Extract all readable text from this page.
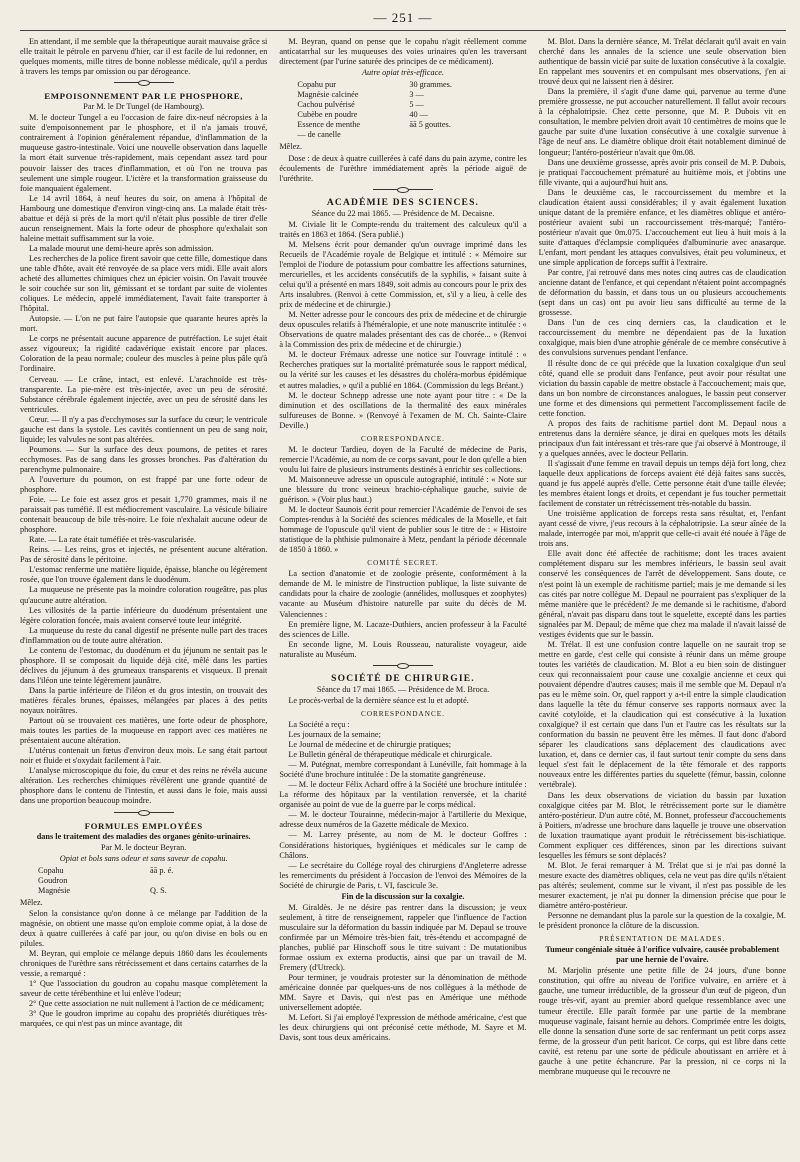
— 251 —

En attendant, il me semble que la thérapeutique aurait mauvaise grâce si elle traitait le pétrole en parvenu d'hier, car il est facile de lui redonner, en quelques moments, mille titres de bonne noblesse médicale, qu'il a perdus à travers les temps par omission ou par dérogeance.

EMPOISONNEMENT PAR LE PHOSPHORE,
Par M. le Dr Tungel (de Hambourg).

M. le docteur Tungel a eu l'occasion de faire dix-neuf nécropsies à la suite d'empoisonnement par le phosphore, et il n'a jamais trouvé, contrairement à l'opinion généralement répandue, d'inflammation de la muqueuse gastro-intestinale. Voici une nouvelle observation dans laquelle la mort était survenue très-rapidement, mais cependant assez tard pour pouvoir laisser des traces d'inflammation, et où l'on ne trouva pas seulement une simple rougeur. L'ictère et la transformation graisseuse du foie manquaient également.

Le 14 avril 1864, à neuf heures du soir, on amena à l'hôpital de Hambourg une domestique d'environ vingt-cinq ans. La malade était très-abattue et déjà si près de la mort qu'il n'était plus possible de tirer d'elle aucun renseignement. Mais la forte odeur de phosphore qu'exhalait son haleine mettait suffisamment sur la voie.

La malade mourut une demi-heure après son admission.

Les recherches de la police firent savoir que cette fille, domestique dans une table d'hôte, avait été renvoyée de sa place vers midi. Elle avait alors acheté des allumettes chimiques chez un épicier voisin. On l'avait trouvée le soir couchée sur son lit, gémissant et se tordant par suite de violentes coliques. Le médecin, appelé immédiatement, l'avait faite transporter à l'hôpital.

Autopsie. — L'on ne put faire l'autopsie que quarante heures après la mort.

Le corps ne présentait aucune apparence de putréfaction. Le sujet était assez vigoureux; la rigidité cadavérique existait encore par places. Coloration de la peau normale; couleur des muscles à peine plus pâle qu'à l'ordinaire.

Cerveau. — Le crâne, intact, est enlevé. L'arachnoïde est très-transparente. La pie-mère est très-injectée, avec un peu de sérosité. Substance cérébrale également injectée, avec un peu de sérosité dans les ventricules.

Cœur. — Il n'y a pas d'ecchymoses sur la surface du cœur; le ventricule gauche est dans la systole. Les cavités contiennent un peu de sang noir, liquide; les valvules ne sont pas altérées.

Poumons. — Sur la surface des deux poumons, de petites et rares ecchymoses. Pas de sang dans les grosses bronches. Pas d'altération du parenchyme pulmonaire.

A l'ouverture du poumon, on est frappé par une forte odeur de phosphore.

Foie. — Le foie est assez gros et pesait 1,770 grammes, mais il ne paraissait pas tuméfié. Il est médiocrement vasculaire. La vésicule biliaire contenait beaucoup de bile très-noire. Le foie n'exhalait aucune odeur de phosphore.

Rate. — La rate était tuméfiée et très-vascularisée.

Reins. — Les reins, gros et injectés, ne présentent aucune altération. Pas de sérosité dans le péritoine.

L'estomac renferme une matière liquide, épaisse, blanche ou légèrement rosée, que l'on trouve également dans le duodénum.

La muqueuse ne présente pas la moindre coloration rougeâtre, pas plus qu'aucune autre altération.

Les villosités de la partie inférieure du duodénum présentaient une légère coloration foncée, mais avaient conservé toute leur intégrité.

La muqueuse du reste du canal digestif ne présente nulle part des traces d'inflammation ou de toute autre altération.

Le contenu de l'estomac, du duodénum et du jéjunum ne sentait pas le phosphore. Il se composait du liquide déjà cité, mêlé dans les parties déclives du jéjunum à des grumeaux transparents et visqueux. Il prenait dans l'iléon une teinte légèrement jaunâtre.

Dans la partie inférieure de l'iléon et du gros intestin, on trouvait des matières fécales brunes, épaisses, mélangées par places à des petits noyaux noirâtres.

Partout où se trouvaient ces matières, une forte odeur de phosphore, mais toutes les parties de la muqueuse en rapport avec ces matières ne présentaient aucune altération.

L'utérus contenait un fœtus d'environ deux mois. Le sang était partout noir et fluide et s'oxydait facilement à l'air.

L'analyse microscopique du foie, du cœur et des reins ne révéla aucune altération. Les recherches chimiques révélèrent une grande quantité de phosphore dans le contenu de l'intestin, et aussi dans le foie, mais aussi dans une proportion beaucoup moindre.

FORMULES EMPLOYÉES
dans le traitement des maladies des organes génito-urinaires.
Par M. le docteur Beyran.
Opiat et bols sans odeur et sans saveur de copahu.
Copahu	āā p. é.
Goudron
Magnésie	Q. S.
Mêlez.

Selon la consistance qu'on donne à ce mélange par l'addition de la magnésie, on obtient une masse qu'on emploie comme opiat, à la dose de deux à quatre cuillerées à café par jour, ou qu'on divise en bols ou en pilules.

M. Beyran, qui emploie ce mélange depuis 1860 dans les écoulements chroniques de l'urèthre sans rétrécissement et dans certains catarrhes de la vessie, a remarqué :

1° Que l'association du goudron au copahu masque complètement la saveur de cette térébenthine et lui enlève l'odeur;

2° Que cette association ne nuit nullement à l'action de ce médicament;

3° Que le goudron imprime au copahu des propriétés diurétiques très-marquées, ce qui n'est pas un mince avantage, dit

M. Beyran, quand on pense que le copahu n'agit réellement comme anticatarrhal sur les muqueuses des voies urinaires qu'en les traversant directement (par l'urine saturée des principes de ce médicament).

Autre opiat très-efficace.
Copahu pur	30 grammes.
Magnésie calcinée	3 —
Cachou pulvérisé	5 —
Cubèbe en poudre	40 —
Essence de menthe	āā 5 gouttes.
— de canelle
Mêlez.

Dose : de deux à quatre cuillerées à café dans du pain azyme, contre les écoulements de l'urèthre immédiatement après la période aiguë de l'uréthrite.

ACADÉMIE DES SCIENCES.
Séance du 22 mai 1865. — Présidence de M. Decaisne.

M. Civiale lit le Compte-rendu du traitement des calculeux qu'il a traités en 1863 et 1864. (Sera publié.)

M. Melsens écrit pour demander qu'un ouvrage imprimé dans les Recueils de l'Académie royale de Belgique et intitulé : « Mémoire sur l'emploi de l'iodure de potassium pour combattre les affections saturnines, mercurielles, et les accidents consécutifs de la syphilis, » faisant suite à celui qu'il a présenté en mars 1849, soit admis au concours pour le prix des Arts insalubres. (Renvoi à cette Commission, et, s'il y a lieu, à celle des prix de médecine et de chirurgie.)

M. Netter adresse pour le concours des prix de médecine et de chirurgie deux opuscules relatifs à l'héméralopie, et une note manuscrite intitulée : « Observations de quatre malades présentant des cas de chorée... » (Renvoi à la Commission des prix de médecine et de chirurgie.)

M. le docteur Frémaux adresse une notice sur l'ouvrage intitulé : « Recherches pratiques sur la mortalité prématurée sous le rapport médical, ou la vérité sur les causes et les désastres du choléra-morbus épidémique et autres maladies, » qu'il a publié en 1864. (Commission du legs Bréant.)

M. le docteur Schnepp adresse une note ayant pour titre : « De la diminution et des oscillations de la thermalité des eaux minérales sulfureuses de Bonne. » (Renvoyé à l'examen de M. Ch. Sainte-Claire Deville.)

CORRESPONDANCE.

M. le docteur Tardieu, doyen de la Faculté de médecine de Paris, remercie l'Académie, au nom de ce corps savant, pour le don qu'elle a bien voulu lui faire de plusieurs instruments destinés à enrichir ses collections.

M. Maisonneuve adresse un opuscule autographié, intitulé : « Note sur une blessure du tronc veineux brachio-céphalique gauche, suivie de guérison. » (Voir plus haut.)

M. le docteur Saunois écrit pour remercier l'Académie de l'envoi de ses Comptes-rendus à la Société des sciences médicales de la Moselle, et fait hommage de l'opuscule qu'il vient de publier sous le titre de : « Histoire statistique de la phthisie pulmonaire à Metz, pendant la période décennale de 1850 à 1860. »

COMITÉ SECRET.

La section d'anatomie et de zoologie présente, conformément à la demande de M. le ministre de l'instruction publique, la liste suivante de candidats pour la chaire de zoologie (annélides, mollusques et zoophytes) vacante au Muséum d'histoire naturelle par suite du décès de M. Valenciennes :

En première ligne, M. Lacaze-Duthiers, ancien professeur à la Faculté des sciences de Lille.

En seconde ligne, M. Louis Rousseau, naturaliste voyageur, aide naturaliste au Muséum.

SOCIÉTÉ DE CHIRURGIE.
Séance du 17 mai 1865. — Présidence de M. Broca.

Le procès-verbal de la dernière séance est lu et adopté.

CORRESPONDANCE.

La Société a reçu :

Les journaux de la semaine;

Le Journal de médecine et de chirurgie pratiques;

Le Bulletin général de thérapeutique médicale et chirurgicale.

— M. Putégnat, membre correspondant à Lunéville, fait hommage à la Société d'une brochure intitulée : De la stomatite gangréneuse.

— M. le docteur Félix Achard offre à la Société une brochure intitulée : La réforme des hôpitaux par la ventilation renversée, et la charité organisée au point de vue de la guerre par le corps médical.

— M. le docteur Tourainne, médecin-major à l'artillerie du Mexique, adresse deux numéros de la Gazette médicale de Mexico.

— M. Larrey présente, au nom de M. le docteur Goffres : Considérations historiques, hygiéniques et médicales sur le camp de Châlons.

— Le secrétaire du Collége royal des chirurgiens d'Angleterre adresse les remerciments du président à l'occasion de l'envoi des Mémoires de la Société de chirurgie de Paris, t. VI, fascicule 3e.

Fin de la discussion sur la coxalgie.

M. Giraldès. Je ne désire pas rentrer dans la discussion; je veux seulement, à titre de renseignement, rappeler que l'influence de l'action musculaire sur la déformation du bassin indiquée par M. Depaul se trouve confirmée par un Mémoire très-bien fait, très-étendu et accompagné de planches, publié par Hinschoff sous le titre suivant : De mutationibus formae ossium ex externa productis, ainsi que par un travail de M. Fremery (d'Utreck).

Pour terminer, je voudrais protester sur la dénomination de méthode américaine donnée par quelques-uns de nos collègues à la méthode de MM. Sayre et Davis, qui n'est pas en Amérique une méthode universellement adoptée.

M. Lefort. Si j'ai employé l'expression de méthode américaine, c'est que les deux chirurgiens qui ont préconisé cette méthode, M. Sayre et M. Davis, sont tous deux américains.

M. Blot. Dans la dernière séance, M. Trélat déclarait qu'il avait en vain cherché dans les annales de la science une seule observation bien authentique de bassin vicié par suite de luxation consécutive à la coxalgie. En rappelant mes souvenirs et en compulsant mes observations, j'en ai trouvé deux qui ne laissent rien à désirer.

Dans la première, il s'agit d'une dame qui, parvenue au terme d'une première grossesse, ne put accoucher naturellement. Il fallut avoir recours à la céphalotripsie. Chez cette personne, que M. P. Dubois vit en consultation, le membre pelvien droit avait 10 centimètres de moins que le gauche par suite d'une luxation consécutive à une coxalgie survenue à l'âge de neuf ans. Le diamètre oblique droit était notablement diminué de longueur; l'antéro-postérieur n'avait que 0m.08.

Dans une deuxième grossesse, après avoir pris conseil de M. P. Dubois, je pratiquai l'accouchement prématuré au huitième mois, et j'obtins une fille vivante, qui a aujourd'hui huit ans.

Dans le deuxième cas, le raccourcissement du membre et la claudication étaient aussi considérables; il y avait également luxation unique datant de la première enfance, et les diamètres oblique et antéro-postérieur avaient subi un raccourcissement très-marqué; l'antéro-postérieur n'avait que 0m.075. L'accouchement eut lieu à huit mois à la suite d'attaques d'éclampsie compliquées d'albuminurie avec anasarque. L'enfant, mort pendant les attaques convulsives, était peu volumineux, et une simple application de forceps suffit à l'extraire.

Par contre, j'ai retrouvé dans mes notes cinq autres cas de claudication ancienne datant de l'enfance, et qui cependant n'étaient point accompagnés de déformation du bassin, et dans tous un ou plusieurs accouchements (sept dans un cas) ont pu avoir lieu sans difficulté au terme de la grossesse.

Dans l'un de ces cinq derniers cas, la claudication et le raccourcissement du membre ne dépendaient pas de la luxation coxalgique, mais bien d'une atrophie générale de ce membre consécutive à des convulsions survenues pendant l'enfance.

Il résulte donc de ce qui précède que la luxation coxalgique d'un seul côté, quand elle se produit dans l'enfance, peut avoir pour résultat une viciation du bassin capable de mettre obstacle à l'accouchement; mais que, dans un bon nombre de circonstances analogues, le bassin peut conserver une forme et des dimensions qui permettent l'accomplissement facile de cette fonction.

A propos des faits de rachitisme partiel dont M. Depaul nous a entretenus dans la dernière séance, je dirai en quelques mots les détails principaux d'un fait intéressant et très-rare que j'ai observé à Montrouge, il y a quelques années, avec le docteur Pellarin.

Il s'agissait d'une femme en travail depuis un temps déjà fort long, chez laquelle deux applications de forceps avaient été déjà faites sans succès, quand je fus appelé auprès d'elle. Cette personne était d'une taille élevée; les membres étaient longs et droits, et cependant je fus toucher permettait facilement de constater un rétrécissement très-notable du bassin.

Une troisième application de forceps resta sans résultat, et, l'enfant ayant cessé de vivre, j'eus recours à la céphalotripsie. La sœur aînée de la malade, interrogée par moi, m'apprit que celle-ci avait été nouée à l'âge de trois ans.

Elle avait donc été affectée de rachitisme; dont les traces avaient complétement disparu sur les membres inférieurs, le bassin seul avait conservé les conséquences de l'arrêt de développement. Sans doute, ce n'est point là un exemple de rachitisme partiel; mais je me demande si les cas cités par notre collègue M. Depaul ne pourraient pas s'expliquer de la même manière que le précédent? Je me demande si le rachitisme, d'abord général, n'avait pas disparu dans tout le squelette, excepté dans les parties signalées par M. Depaul; de même que chez ma malade il n'avait laissé de vestiges évidents que sur le bassin.

M. Trélat. Il est une confusion contre laquelle on ne saurait trop se mettre en garde, c'est celle qui consiste à réunir dans un même groupe toutes les variétés de claudication. M. Blot a eu bien soin de distinguer ceux qui reconnaissaient pour cause une coxalgie ancienne et ceux qui pouvaient dépendre d'autres causes; mais il me semble que M. Depaul n'a pas eu le même soin. Or, quel rapport y a-t-il entre la simple claudication dans laquelle la tête du fémur conserve ses rapports normaux avec la cavité cotyloïde, et la claudication qui est consécutive à la luxation coxalgique? il est certain que dans l'un et l'autre cas les résultats sur la conformation du bassin ne peuvent être les mêmes. Il faut donc d'abord séparer les claudications sans déplacement des claudications avec luxation, et, dans ce dernier cas, il faut surtout tenir compte du sens dans lequel s'est fait le déplacement de la tête fémorale et des rapports nouveaux entre les différentes parties du squelette (fémur, bassin, colonne vertébrale).

Dans les deux observations de viciation du bassin par luxation coxalgique citées par M. Blot, le rétrécissement porte sur le diamètre antéro-postérieur. D'un autre côté, M. Bonnet, professeur d'accouchements à Poitiers, m'adresse une brochure dans laquelle je trouve une observation de luxation traumatique ayant produit le rétrécissement bis-ischiatique. Comment expliquer ces différences, sinon par les directions suivant lesquelles les fémurs se sont déplacés?

M. Blot. Je ferai remarquer à M. Trélat que si je n'ai pas donné la mesure exacte des diamètres obliques, cela ne veut pas dire qu'ils n'étaient pas altérés; seulement, comme sur le vivant, il n'est pas possible de les mesurer exactement, je n'ai pu donner la dimension précise que pour le diamètre antéro-postérieur.

Personne ne demandant plus la parole sur la question de la coxalgie, M. le président prononce la clôture de la discussion.

PRÉSENTATION DE MALADES.
Tumeur congéniale située à l'orifice vulvaire, causée probablement par une hernie de l'ovaire.

M. Marjolin présente une petite fille de 24 jours, d'une bonne constitution, qui offre au niveau de l'orifice vulvaire, en arrière et à gauche, une tumeur irréductible, de la grosseur d'un œuf de pigeon, d'un rouge très-vif, ayant au premier abord quelque ressemblance avec une tumeur érectile. Elle paraît formée par une partie de la membrane muqueuse vaginale, faisant hernie au dehors. Comprimée entre les doigts, elle donne la sensation d'une sorte de sac renfermant un petit corps assez ferme, de la grosseur d'un petit haricot. Ce corps, qui est libre dans cette cavité, est retenu par une sorte de pédicule aboutissant en arrière et à gauche à une petite échancrure. Par la pression, ni ce corps ni la membrane muqueuse qui le recouvre ne
